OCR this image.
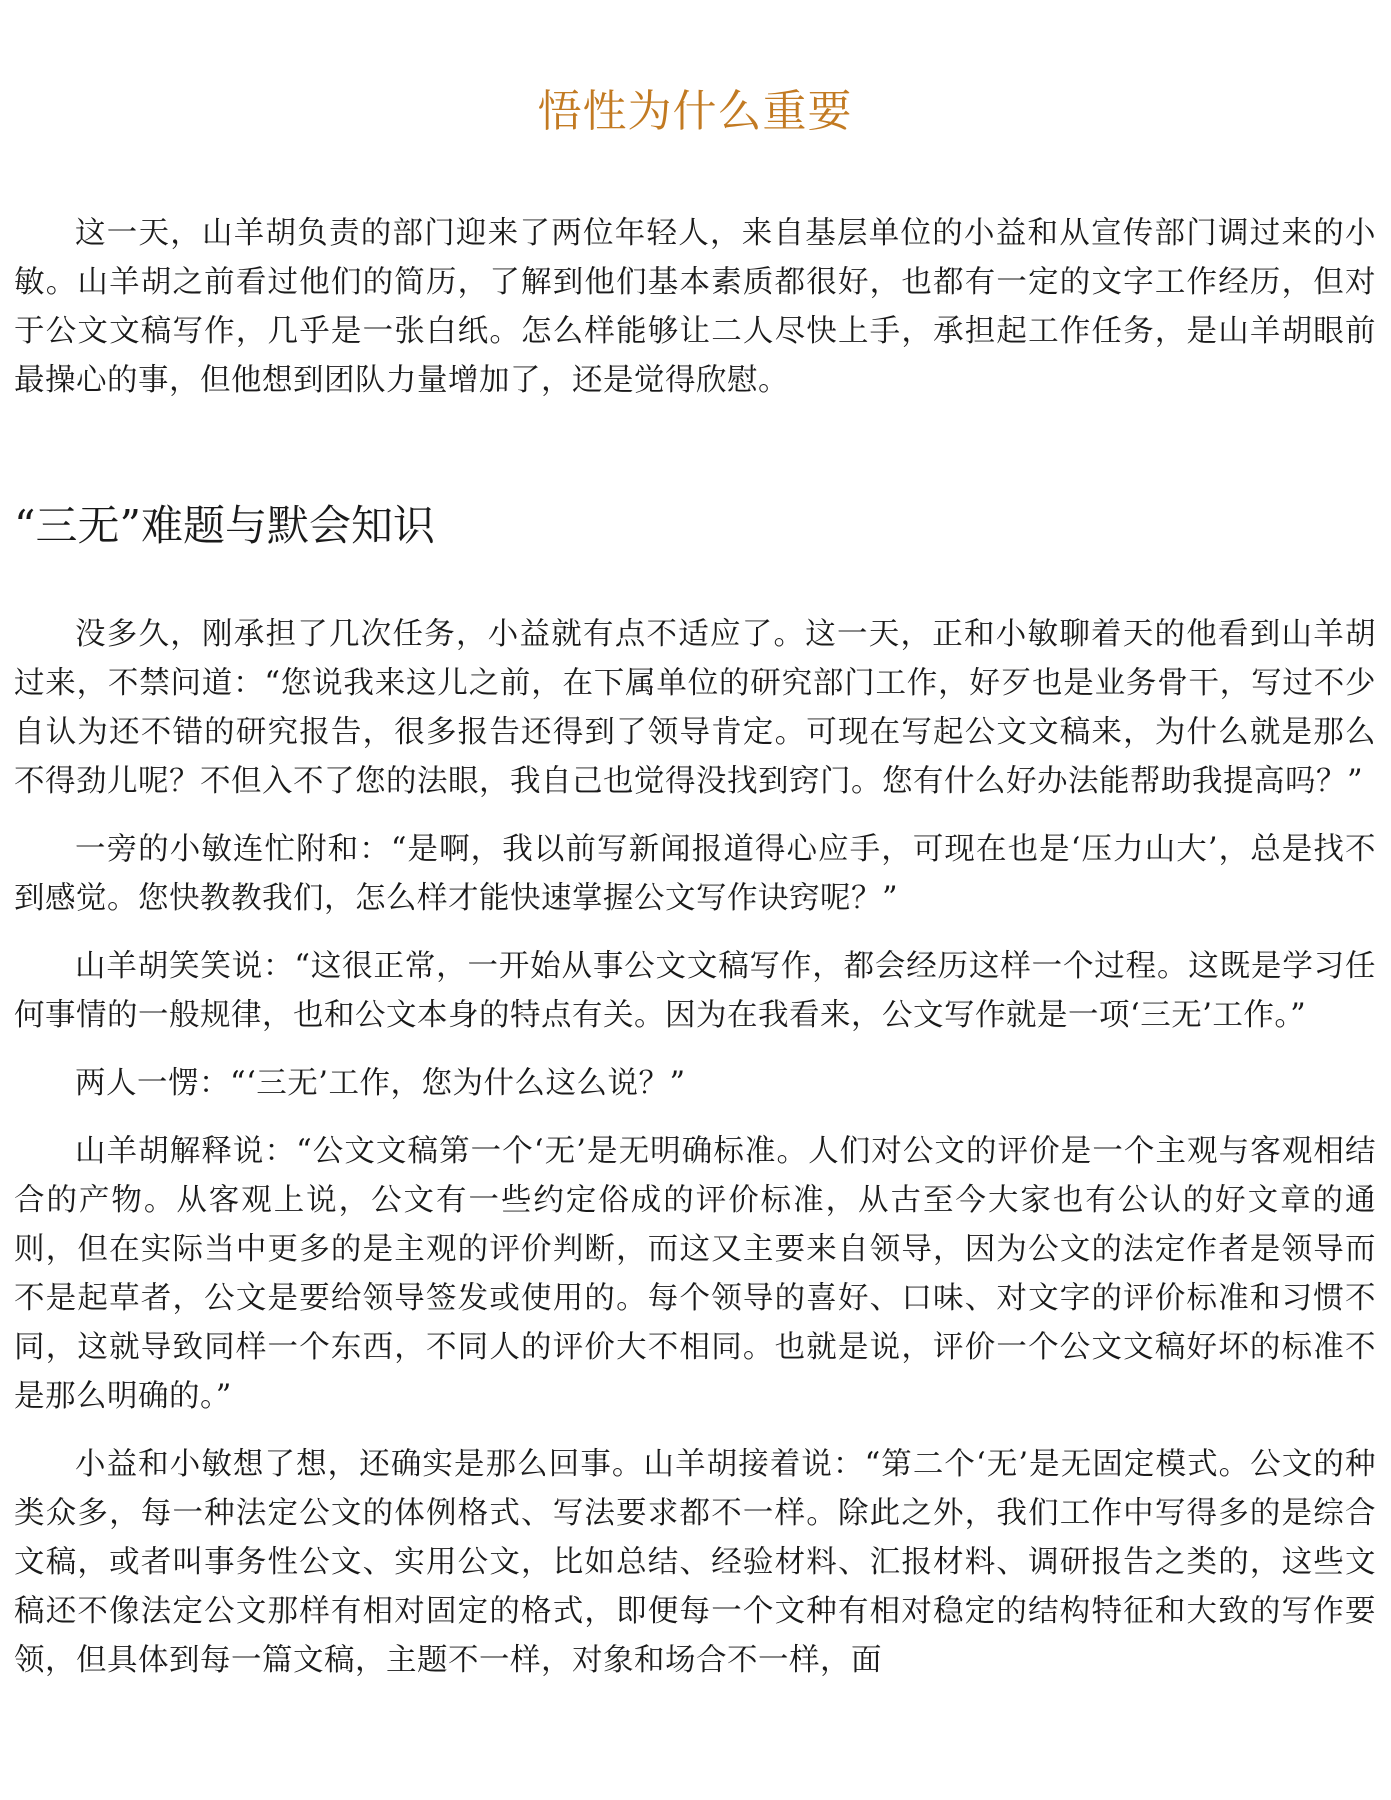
悟性为什么重要

这一天，山羊胡负责的部门迎来了两位年轻人，来自基层单位的小益和从宣传部门调过来的小敏。山羊胡之前看过他们的简历，了解到他们基本素质都很好，也都有一定的文字工作经历，但对于公文文稿写作，几乎是一张白纸。怎么样能够让二人尽快上手，承担起工作任务，是山羊胡眼前最操心的事，但他想到团队力量增加了，还是觉得欣慰。

“三无”难题与默会知识

没多久，刚承担了几次任务，小益就有点不适应了。这一天，正和小敏聊着天的他看到山羊胡过来，不禁问道：“您说我来这儿之前，在下属单位的研究部门工作，好歹也是业务骨干，写过不少自认为还不错的研究报告，很多报告还得到了领导肯定。可现在写起公文文稿来，为什么就是那么不得劲儿呢？不但入不了您的法眼，我自己也觉得没找到窍门。您有什么好办法能帮助我提高吗？”

一旁的小敏连忙附和：“是啊，我以前写新闻报道得心应手，可现在也是‘压力山大’，总是找不到感觉。您快教教我们，怎么样才能快速掌握公文写作诀窍呢？”

山羊胡笑笑说：“这很正常，一开始从事公文文稿写作，都会经历这样一个过程。这既是学习任何事情的一般规律，也和公文本身的特点有关。因为在我看来，公文写作就是一项‘三无’工作。”

两人一愣：“‘三无’工作，您为什么这么说？”

山羊胡解释说：“公文文稿第一个‘无’是无明确标准。人们对公文的评价是一个主观与客观相结合的产物。从客观上说，公文有一些约定俗成的评价标准，从古至今大家也有公认的好文章的通则，但在实际当中更多的是主观的评价判断，而这又主要来自领导，因为公文的法定作者是领导而不是起草者，公文是要给领导签发或使用的。每个领导的喜好、口味、对文字的评价标准和习惯不同，这就导致同样一个东西，不同人的评价大不相同。也就是说，评价一个公文文稿好坏的标准不是那么明确的。”

小益和小敏想了想，还确实是那么回事。山羊胡接着说：“第二个‘无’是无固定模式。公文的种类众多，每一种法定公文的体例格式、写法要求都不一样。除此之外，我们工作中写得多的是综合文稿，或者叫事务性公文、实用公文，比如总结、经验材料、汇报材料、调研报告之类的，这些文稿还不像法定公文那样有相对固定的格式，即便每一个文种有相对稳定的结构特征和大致的写作要领，但具体到每一篇文稿，主题不一样，对象和场合不一样，面
